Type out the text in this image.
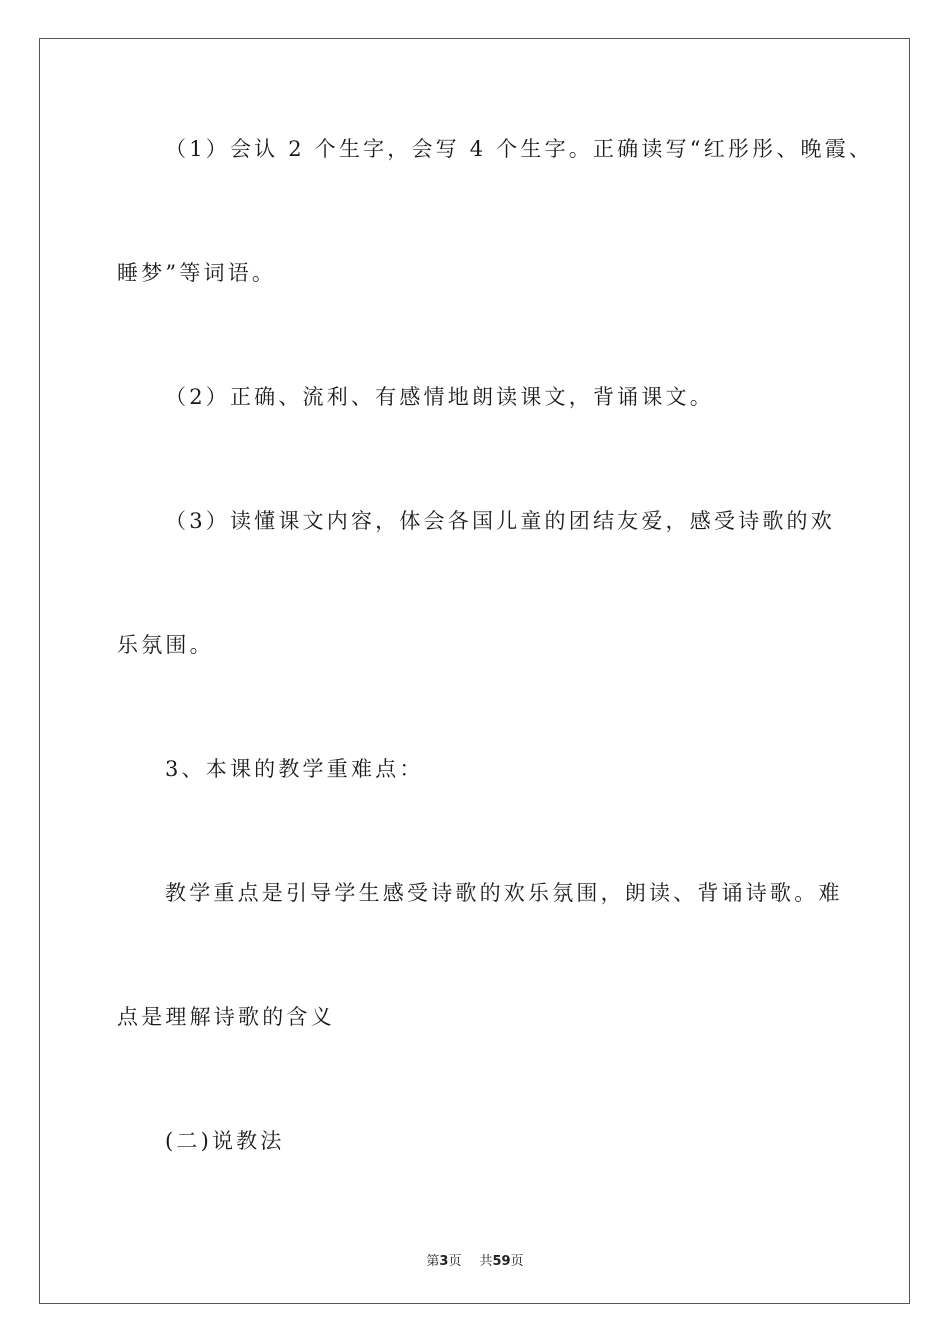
（1）会认 2 个生字，会写 4 个生字。正确读写“红彤彤、晚霞、
睡梦”等词语。
（2）正确、流利、有感情地朗读课文，背诵课文。
（3）读懂课文内容，体会各国儿童的团结友爱，感受诗歌的欢
乐氛围。
3、本课的教学重难点：
教学重点是引导学生感受诗歌的欢乐氛围，朗读、背诵诗歌。难
点是理解诗歌的含义
(二)说教法
第3页 共59页
